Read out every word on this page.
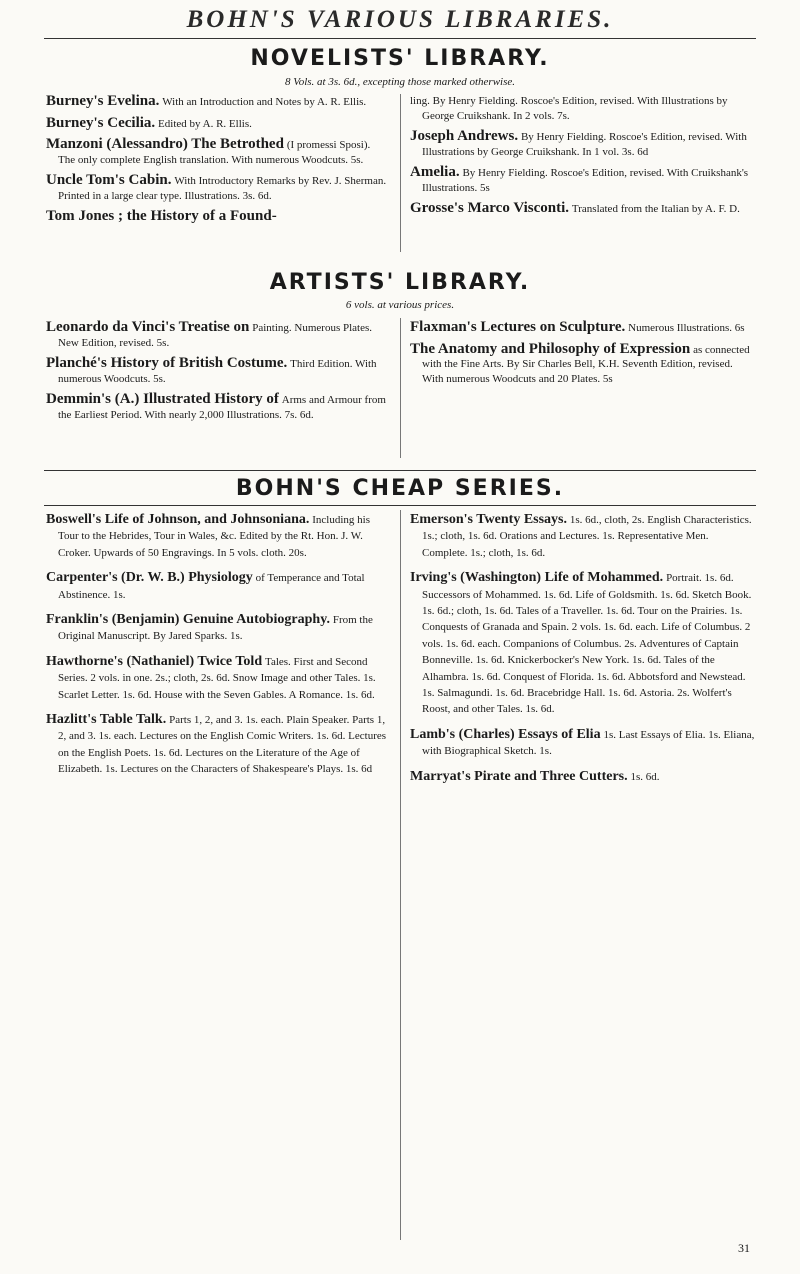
BOHN'S VARIOUS LIBRARIES.
NOVELISTS' LIBRARY.
8 Vols. at 3s. 6d., excepting those marked otherwise.
Burney's Evelina. With an Introduction and Notes by A. R. Ellis.
Burney's Cecilia. Edited by A. R. Ellis.
Manzoni (Alessandro) The Betrothed (I promessi Sposi). The only complete English translation. With numerous Woodcuts. 5s.
Uncle Tom's Cabin. With Introductory Remarks by Rev. J. Sherman. Printed in a large clear type. Illustrations. 3s. 6d.
Tom Jones ; the History of a Found-
ling. By Henry Fielding. Roscoe's Edition, revised. With Illustrations by George Cruikshank. In 2 vols. 7s.
Joseph Andrews. By Henry Fielding. Roscoe's Edition, revised. With Illustrations by George Cruikshank. In 1 vol. 3s. 6d
Amelia. By Henry Fielding. Roscoe's Edition, revised. With Cruikshank's Illustrations. 5s
Grosse's Marco Visconti. Translated from the Italian by A. F. D.
ARTISTS' LIBRARY.
6 vols. at various prices.
Leonardo da Vinci's Treatise on Painting. Numerous Plates. New Edition, revised. 5s.
Planché's History of British Costume. Third Edition. With numerous Woodcuts. 5s.
Demmin's (A.) Illustrated History of Arms and Armour from the Earliest Period. With nearly 2,000 Illustrations. 7s. 6d.
Flaxman's Lectures on Sculpture. Numerous Illustrations. 6s
The Anatomy and Philosophy of Expression as connected with the Fine Arts. By Sir Charles Bell, K.H. Seventh Edition, revised. With numerous Woodcuts and 20 Plates. 5s
BOHN'S CHEAP SERIES.
Boswell's Life of Johnson, and Johnsoniana. Including his Tour to the Hebrides, Tour in Wales, &c. Edited by the Rt. Hon. J. W. Croker. Upwards of 50 Engravings. In 5 vols. cloth. 20s.
Carpenter's (Dr. W. B.) Physiology of Temperance and Total Abstinence. 1s.
Franklin's (Benjamin) Genuine Autobiography. From the Original Manuscript. By Jared Sparks. 1s.
Hawthorne's (Nathaniel) Twice Told Tales. First and Second Series. 2 vols. in one. 2s.; cloth, 2s. 6d. Snow Image and other Tales. 1s. Scarlet Letter. 1s. 6d. House with the Seven Gables. A Romance. 1s. 6d.
Hazlitt's Table Talk. Parts 1, 2, and 3. 1s. each. Plain Speaker. Parts 1, 2, and 3. 1s. each. Lectures on the English Comic Writers. 1s. 6d. Lectures on the English Poets. 1s. 6d. Lectures on the Literature of the Age of Elizabeth. 1s. Lectures on the Characters of Shakespeare's Plays. 1s. 6d
Emerson's Twenty Essays. 1s. 6d., cloth, 2s. English Characteristics. 1s.; cloth, 1s. 6d. Orations and Lectures. 1s. Representative Men. Complete. 1s.; cloth, 1s. 6d.
Irving's (Washington) Life of Mohammed. Portrait. 1s. 6d. Successors of Mohammed. 1s. 6d. Life of Goldsmith. 1s. 6d. Sketch Book. 1s. 6d.; cloth, 1s. 6d. Tales of a Traveller. 1s. 6d. Tour on the Prairies. 1s. Conquests of Granada and Spain. 2 vols. 1s. 6d. each. Life of Columbus. 2 vols. 1s. 6d. each. Companions of Columbus. 2s. Adventures of Captain Bonneville. 1s. 6d. Knickerbocker's New York. 1s. 6d. Tales of the Alhambra. 1s. 6d. Conquest of Florida. 1s. 6d. Abbotsford and Newstead. 1s. Salmagundi. 1s. 6d. Bracebridge Hall. 1s. 6d. Astoria. 2s. Wolfert's Roost, and other Tales. 1s. 6d.
Lamb's (Charles) Essays of Elia 1s. Last Essays of Elia. 1s. Eliana, with Biographical Sketch. 1s.
Marryat's Pirate and Three Cutters. 1s. 6d.
31
